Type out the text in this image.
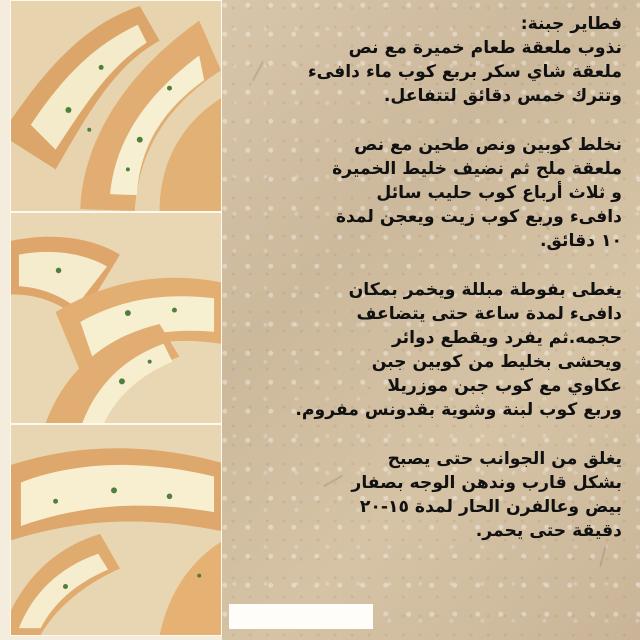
فطاير جبنة:
نذوب ملعقة طعام خميرة مع نص
ملعقة شاي سكر بربع كوب ماء دافىء
وتترك خمس دقائق لتتفاعل.
نخلط كوبين ونص طحين مع نص
ملعقة ملح ثم نضيف خليط الخميرة
و ثلاث أرباع كوب حليب سائل
دافىء وربع كوب زيت ويعجن لمدة
١٠ دقائق.
يغطى بفوطة مبللة ويخمر بمكان
دافىء لمدة ساعة حتى يتضاعف
حجمه.ثم يفرد ويقطع دوائر
ويحشى بخليط من كوبين جبن
عكاوي مع كوب جبن موزريلا
وربع كوب لبنة وشوية بقدونس مفروم.
يغلق من الجوانب حتى يصبح
بشكل قارب وندهن الوجه بصفار
بيض وعالفرن الحار لمدة ١٥-٢٠
دقيقة حتى يحمر.
